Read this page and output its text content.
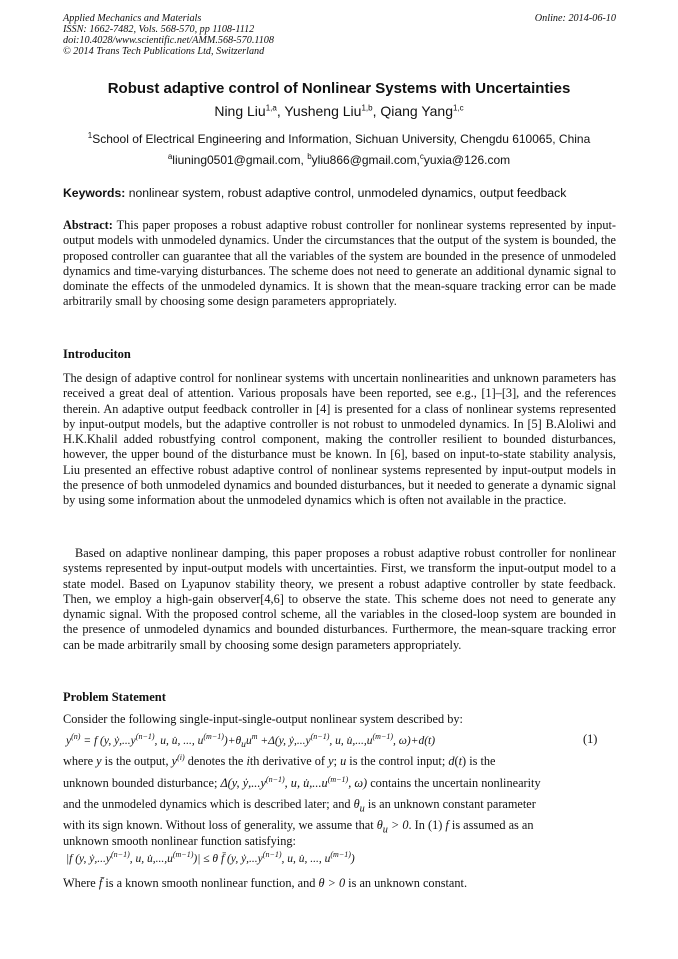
Applied Mechanics and Materials
ISSN: 1662-7482, Vols. 568-570, pp 1108-1112
doi:10.4028/www.scientific.net/AMM.568-570.1108
© 2014 Trans Tech Publications Ltd, Switzerland
Online: 2014-06-10
Robust adaptive control of Nonlinear Systems with Uncertainties
Ning Liu$^{1,a}$, Yusheng Liu$^{1,b}$, Qiang Yang$^{1,c}$
$^1$School of Electrical Engineering and Information, Sichuan University, Chengdu 610065, China
$^a$liuning0501@gmail.com, $^b$yliu866@gmail.com,$^c$yuxia@126.com
Keywords: nonlinear system, robust adaptive control, unmodeled dynamics, output feedback
Abstract: This paper proposes a robust adaptive robust controller for nonlinear systems represented by input-output models with unmodeled dynamics. Under the circumstances that the output of the system is bounded, the proposed controller can guarantee that all the variables of the system are bounded in the presence of unmodeled dynamics and time-varying disturbances. The scheme does not need to generate an additional dynamic signal to dominate the effects of the unmodeled dynamics. It is shown that the mean-square tracking error can be made arbitrarily small by choosing some design parameters appropriately.
Introduciton
The design of adaptive control for nonlinear systems with uncertain nonlinearities and unknown parameters has received a great deal of attention. Various proposals have been reported, see e.g., [1]–[3], and the references therein. An adaptive output feedback controller in [4] is presented for a class of nonlinear systems represented by input-output models, but the adaptive controller is not robust to unmodeled dynamics. In [5] B.Aloliwi and H.K.Khalil added robustfying control component, making the controller resilient to bounded disturbances, however, the upper bound of the disturbance must be known. In [6], based on input-to-state stability analysis, Liu presented an effective robust adaptive control of nonlinear systems represented by input-output models in the presence of both unmodeled dynamics and bounded disturbances, but it needed to generate a dynamic signal by using some information about the unmodeled dynamics which is often not available in the practice.
Based on adaptive nonlinear damping, this paper proposes a robust adaptive robust controller for nonlinear systems represented by input-output models with uncertainties. First, we transform the input-output model to a state model. Based on Lyapunov stability theory, we present a robust adaptive controller by state feedback. Then, we employ a high-gain observer[4,6] to observe the state. This scheme does not need to generate any dynamic signal. With the proposed control scheme, all the variables in the closed-loop system are bounded in the presence of unmodeled dynamics and bounded disturbances. Furthermore, the mean-square tracking error can be made arbitrarily small by choosing some design parameters appropriately.
Problem Statement
Consider the following single-input-single-output nonlinear system described by:
$y^{(n)} = f$ (y, $ẏ,...y^{(n-1)}$, u, u̇, ..., $u^{(m-1)})+\theta_uu^m +\Delta(y$, $ẏ,...y^{(n-1)}$, u, $u̇,...,u^{(m-1)}$, ω)+d(t)	(1)
where y is the output, $y^{(i)}$ denotes the ith derivative of y; u is the control input; d(t) is the
unknown bounded disturbance; Δ(y, $ẏ,...y^{(n-1)}$, u, $u̇,...u^{(m-1)}$, ω) contains the uncertain nonlinearity
and the unmodeled dynamics which is described later; and $\theta_u$ is an unknown constant parameter
with its sign known. Without loss of generality, we assume that $\theta_u > 0$. In (1) f is assumed as an
unknown smooth nonlinear function satisfying:
|f (y, $ẏ,...y^{(n-1)}$, u, $u̇,...,u^{(m-1)})| \le \theta$ f̄ (y, $ẏ,...y^{(n-1)}$, u, u̇, ..., $u^{(m-1)}$)
Where f̄ is a known smooth nonlinear function, and θ > 0 is an unknown constant.
